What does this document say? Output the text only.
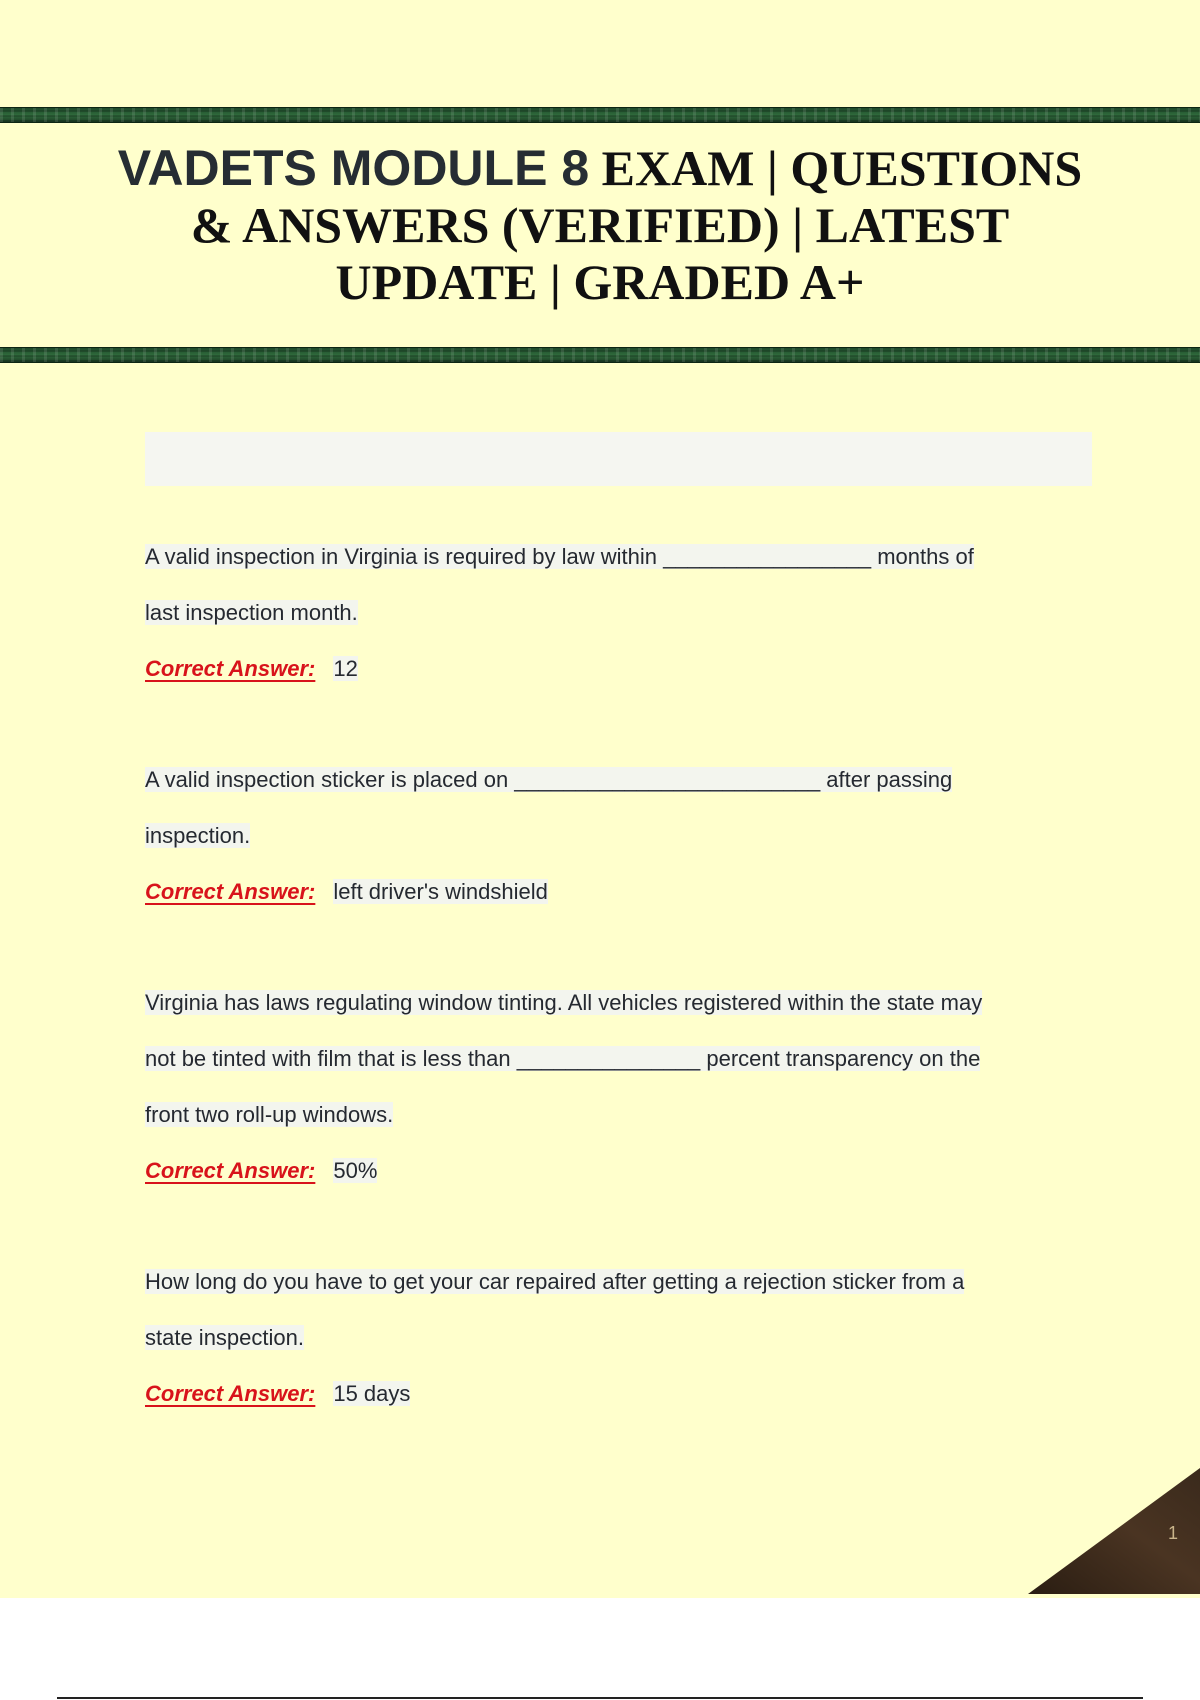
VADETS MODULE 8 EXAM | QUESTIONS
& ANSWERS (VERIFIED) | LATEST
UPDATE | GRADED A+
A valid inspection in Virginia is required by law within _________________ months of
last inspection month.
Correct Answer: 12
A valid inspection sticker is placed on _________________________ after passing
inspection.
Correct Answer: left driver's windshield
Virginia has laws regulating window tinting. All vehicles registered within the state may
not be tinted with film that is less than _______________ percent transparency on the
front two roll-up windows.
Correct Answer: 50%
How long do you have to get your car repaired after getting a rejection sticker from a
state inspection.
Correct Answer: 15 days
1
